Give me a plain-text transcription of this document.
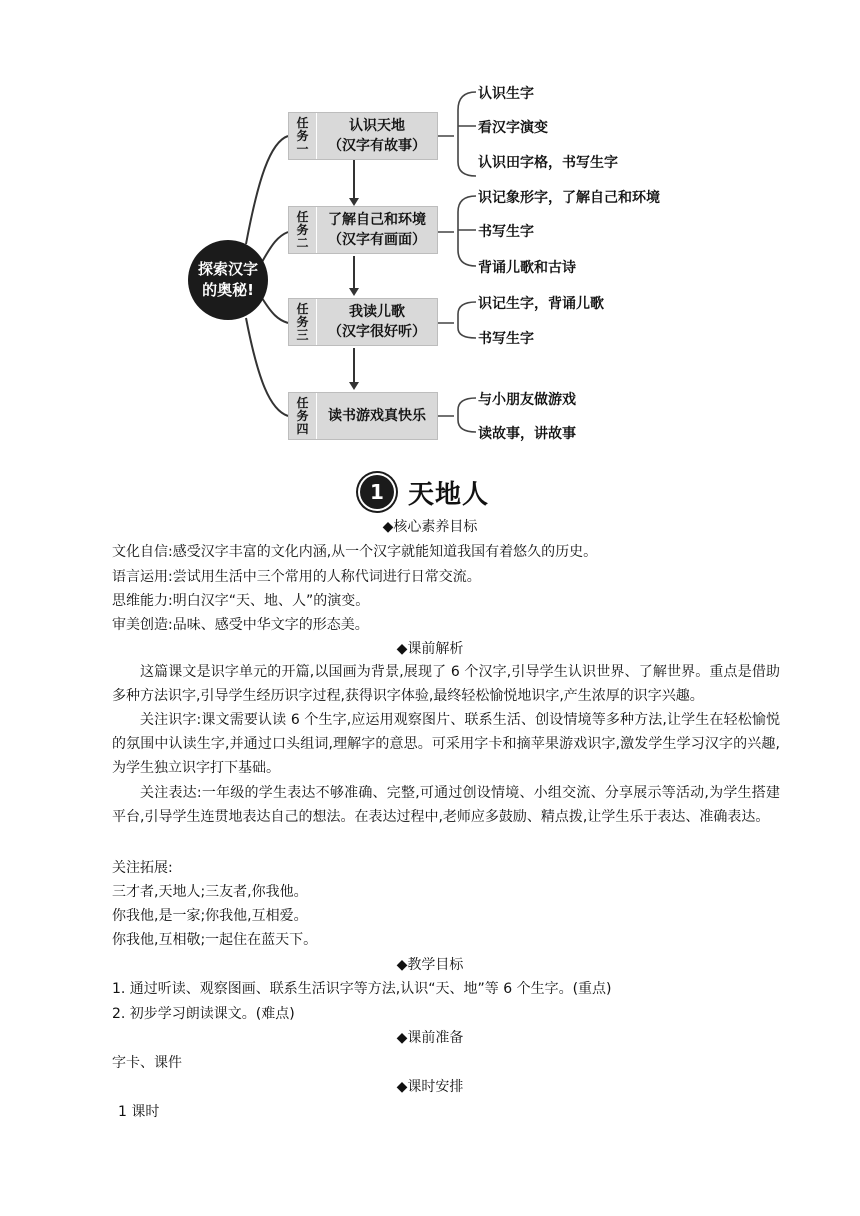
探索汉字
的奥秘!
任
务
一
认识天地
（汉字有故事）
认识生字
看汉字演变
认识田字格，书写生字
任
务
二
了解自己和环境
（汉字有画面）
识记象形字，了解自己和环境
书写生字
背诵儿歌和古诗
任
务
三
我读儿歌
（汉字很好听）
识记生字，背诵儿歌
书写生字
任
务
四
读书游戏真快乐
与小朋友做游戏
读故事，讲故事
1 天地人
◆核心素养目标
文化自信:感受汉字丰富的文化内涵,从一个汉字就能知道我国有着悠久的历史。
语言运用:尝试用生活中三个常用的人称代词进行日常交流。
思维能力:明白汉字“天、地、人”的演变。
审美创造:品味、感受中华文字的形态美。
◆课前解析

这篇课文是识字单元的开篇,以国画为背景,展现了 6 个汉字,引导学生认识世界、了解世界。重点是借助多种方法识字,引导学生经历识字过程,获得识字体验,最终轻松愉悦地识字,产生浓厚的识字兴趣。

关注识字:课文需要认读 6 个生字,应运用观察图片、联系生活、创设情境等多种方法,让学生在轻松愉悦的氛围中认读生字,并通过口头组词,理解字的意思。可采用字卡和摘苹果游戏识字,激发学生学习汉字的兴趣,为学生独立识字打下基础。

关注表达:一年级的学生表达不够准确、完整,可通过创设情境、小组交流、分享展示等活动,为学生搭建平台,引导学生连贯地表达自己的想法。在表达过程中,老师应多鼓励、精点拨,让学生乐于表达、准确表达。

关注拓展:
三才者,天地人;三友者,你我他。
你我他,是一家;你我他,互相爱。
你我他,互相敬;一起住在蓝天下。
◆教学目标
1. 通过听读、观察图画、联系生活识字等方法,认识“天、地”等 6 个生字。(重点)
2. 初步学习朗读课文。(难点)
◆课前准备
字卡、课件
◆课时安排
1 课时
